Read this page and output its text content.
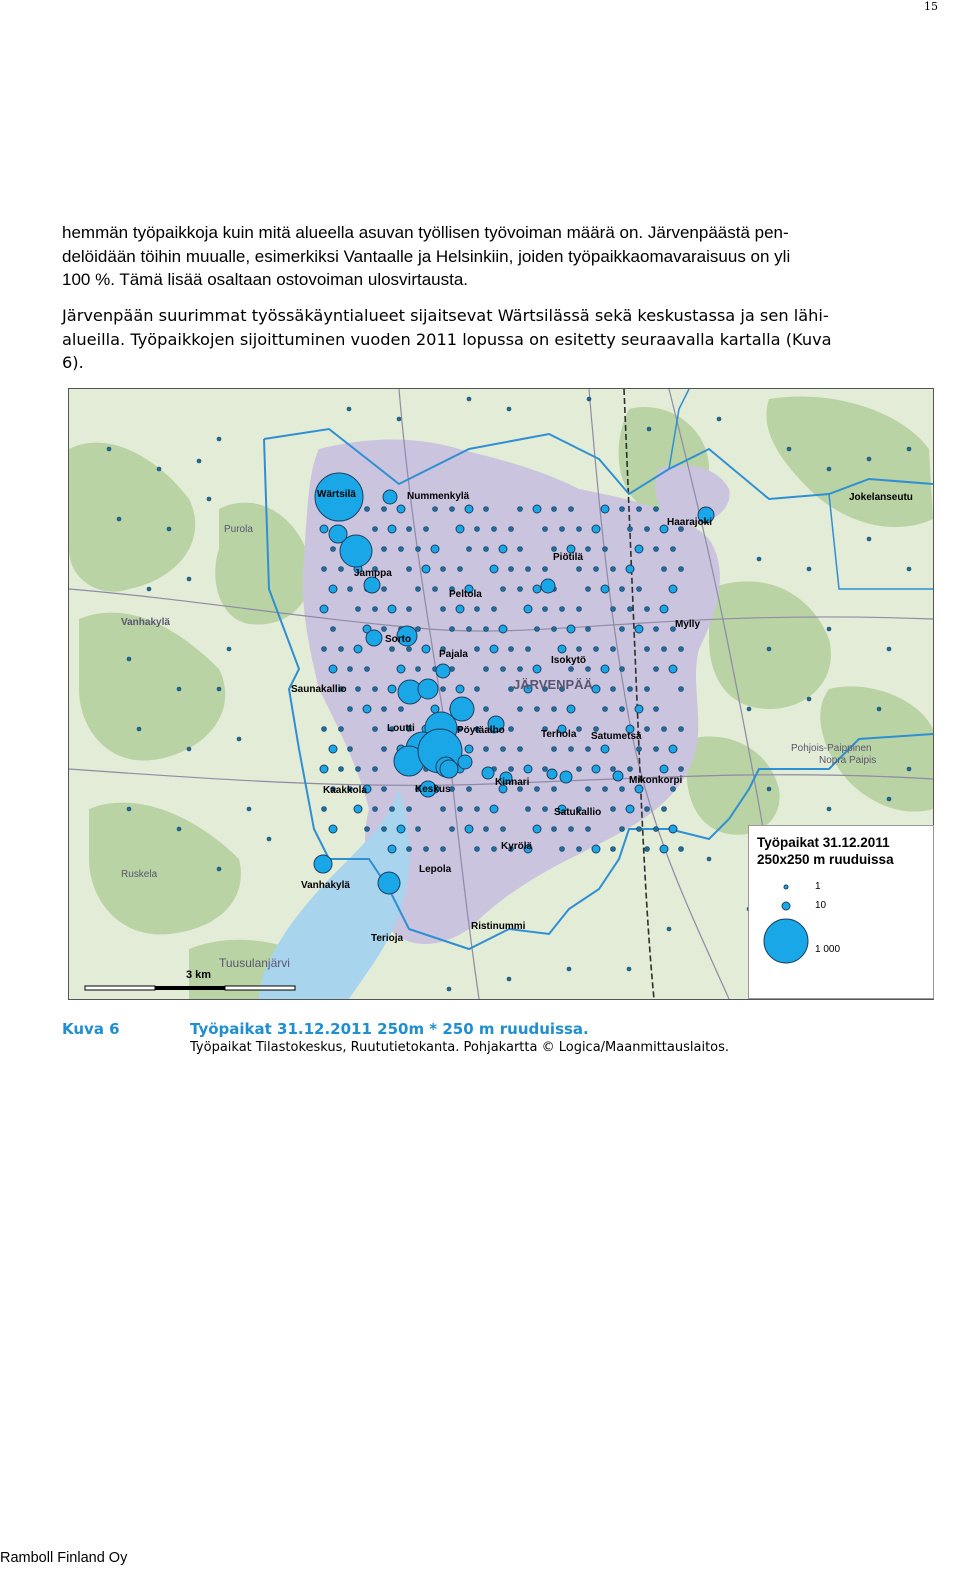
15
hemmän työpaikkoja kuin mitä alueella asuvan työllisen työvoiman määrä on. Järvenpäästä pen-
delöidään töihin muualle, esimerkiksi Vantaalle ja Helsinkiin, joiden työpaikkaomavaraisuus on yli
100 %. Tämä lisää osaltaan ostovoiman ulosvirtausta.
Järvenpään suurimmat työssäkäyntialueet sijaitsevat Wärtsilässä sekä keskustassa ja sen lähi-
alueilla. Työpaikkojen sijoittuminen vuoden 2011 lopussa on esitetty seuraavalla kartalla (Kuva
6).
Wärtsilä	Nummenkylä
Haarajoki
Jamppa
Peltola
Piötilä
Sorto
Pajala
Isokytö
Mylly
Saunakallio
Loutti	Pöytäalho	Terhola Satumetsä
Kinnari
Keskus
Kaakkola
Mikonkorpi
Satukallio
Kyrölä
Lepola
Vanhakylä
Ristinummi
Terioja
Jokelanseutu
JÄRVENPÄÄ
Tuusulanjärvi
Vanhakylä
Purola
Pohjois-Paippinen
Nopra Paipis
Ruskela
3 km
Työpaikat 31.12.2011
250x250 m ruuduissa
1
10
1 000
Kuva 6	Työpaikat 31.12.2011 250m * 250 m ruuduissa.
Työpaikat Tilastokeskus, Ruututietokanta. Pohjakartta © Logica/Maanmittauslaitos.
Ramboll Finland Oy
